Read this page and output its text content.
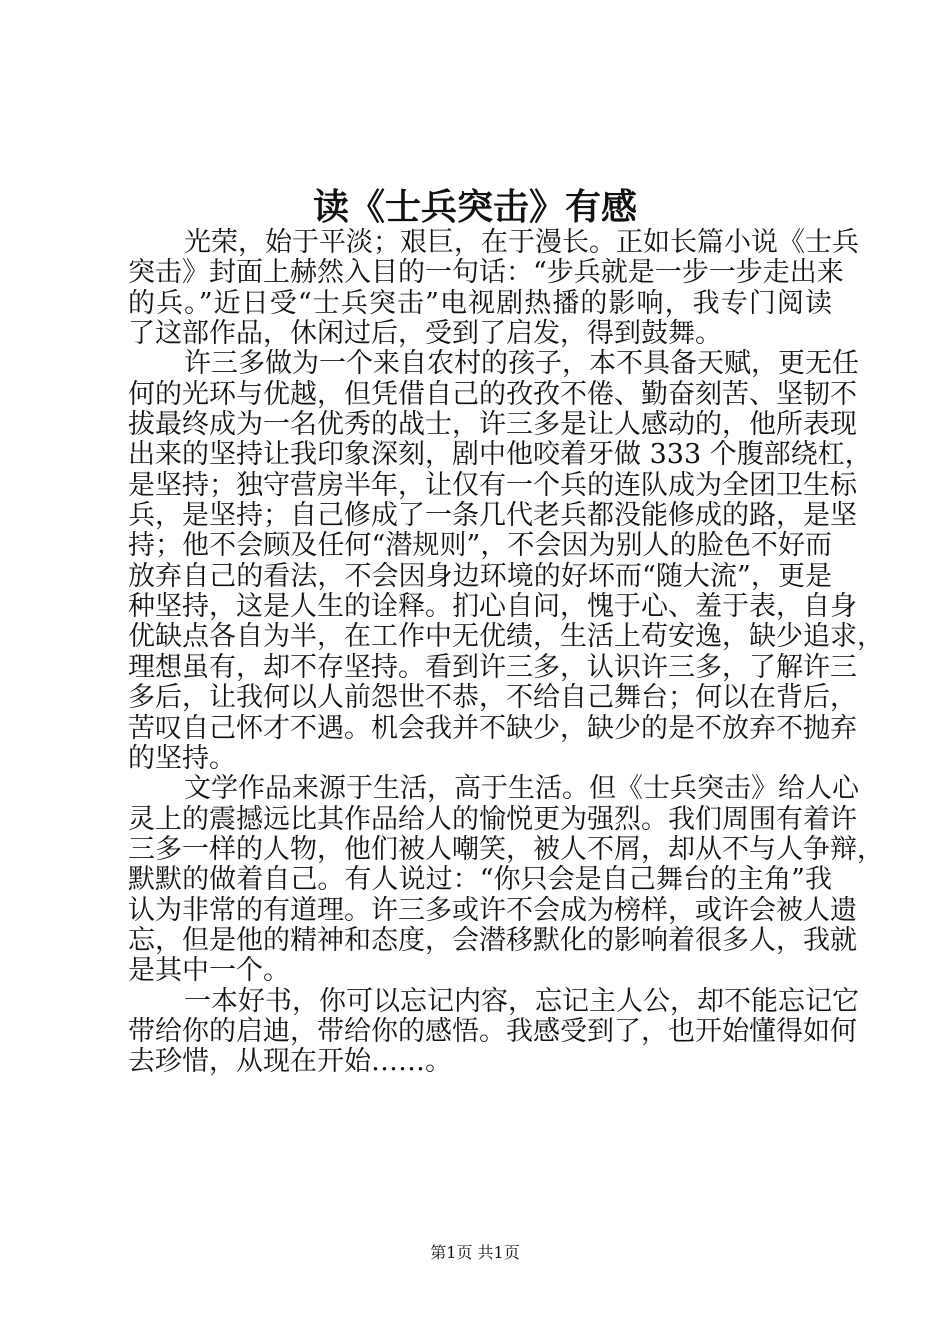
读《士兵突击》有感
光荣，始于平淡；艰巨，在于漫长。正如长篇小说《士兵
突击》封面上赫然入目的一句话：“步兵就是一步一步走出来
的兵。”近日受“士兵突击”电视剧热播的影响，我专门阅读
了这部作品，休闲过后，受到了启发，得到鼓舞。
许三多做为一个来自农村的孩子，本不具备天赋，更无任
何的光环与优越，但凭借自己的孜孜不倦、勤奋刻苦、坚韧不
拔最终成为一名优秀的战士，许三多是让人感动的，他所表现
出来的坚持让我印象深刻，剧中他咬着牙做 333 个腹部绕杠，
是坚持；独守营房半年，让仅有一个兵的连队成为全团卫生标
兵，是坚持；自己修成了一条几代老兵都没能修成的路，是坚
持；他不会顾及任何“潜规则”，不会因为别人的脸色不好而
放弃自己的看法，不会因身边环境的好坏而“随大流”，更是
种坚持，这是人生的诠释。扪心自问，愧于心、羞于表，自身
优缺点各自为半，在工作中无优绩，生活上苟安逸，缺少追求，
理想虽有，却不存坚持。看到许三多，认识许三多，了解许三
多后，让我何以人前怨世不恭，不给自己舞台；何以在背后，
苦叹自己怀才不遇。机会我并不缺少，缺少的是不放弃不抛弃
的坚持。
文学作品来源于生活，高于生活。但《士兵突击》给人心
灵上的震撼远比其作品给人的愉悦更为强烈。我们周围有着许
三多一样的人物，他们被人嘲笑，被人不屑，却从不与人争辩，
默默的做着自己。有人说过：“你只会是自己舞台的主角”我
认为非常的有道理。许三多或许不会成为榜样，或许会被人遗
忘，但是他的精神和态度，会潜移默化的影响着很多人，我就
是其中一个。
一本好书，你可以忘记内容，忘记主人公，却不能忘记它
带给你的启迪，带给你的感悟。我感受到了，也开始懂得如何
去珍惜，从现在开始……。
第1页 共1页
